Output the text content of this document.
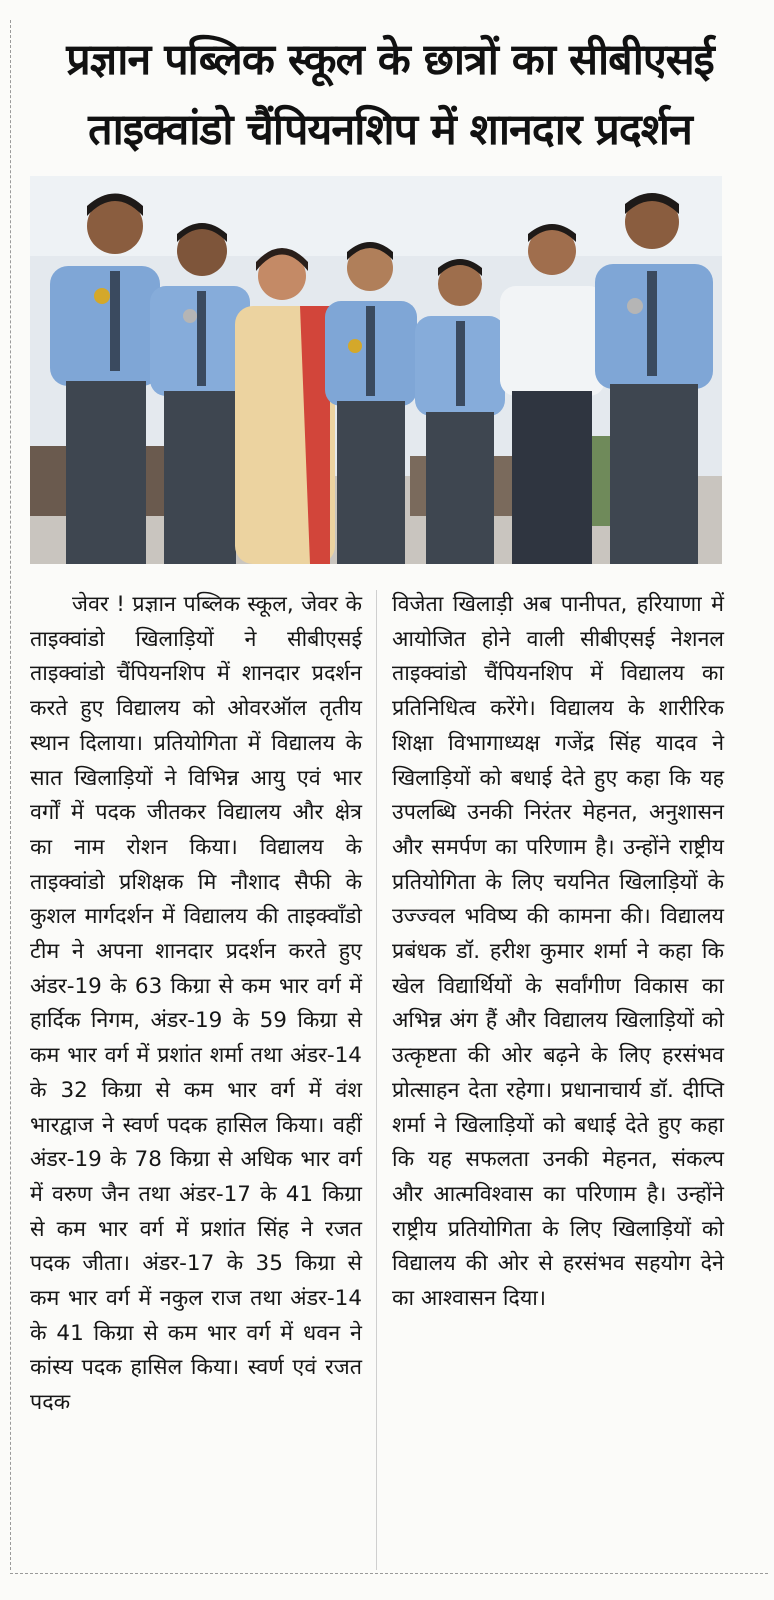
प्रज्ञान पब्लिक स्कूल के छात्रों का सीबीएसई
ताइक्वांडो चैंपियनशिप में शानदार प्रदर्शन

जेवर ! प्रज्ञान पब्लिक स्कूल, जेवर के ताइक्वांडो खिलाड़ियों ने सीबीएसई ताइक्वांडो चैंपियनशिप में शानदार प्रदर्शन करते हुए विद्यालय को ओवरऑल तृतीय स्थान दिलाया। प्रतियोगिता में विद्यालय के सात खिलाड़ियों ने विभिन्न आयु एवं भार वर्गों में पदक जीतकर विद्यालय और क्षेत्र का नाम रोशन किया। विद्यालय के ताइक्वांडो प्रशिक्षक मि नौशाद सैफी के कुशल मार्गदर्शन में विद्यालय की ताइक्वाँडो टीम ने अपना शानदार प्रदर्शन करते हुए अंडर-19 के 63 किग्रा से कम भार वर्ग में हार्दिक निगम, अंडर-19 के 59 किग्रा से कम भार वर्ग में प्रशांत शर्मा तथा अंडर-14 के 32 किग्रा से कम भार वर्ग में वंश भारद्वाज ने स्वर्ण पदक हासिल किया। वहीं अंडर-19 के 78 किग्रा से अधिक भार वर्ग में वरुण जैन तथा अंडर-17 के 41 किग्रा से कम भार वर्ग में प्रशांत सिंह ने रजत पदक जीता। अंडर-17 के 35 किग्रा से कम भार वर्ग में नकुल राज तथा अंडर-14 के 41 किग्रा से कम भार वर्ग में धवन ने कांस्य पदक हासिल किया। स्वर्ण एवं रजत पदक

विजेता खिलाड़ी अब पानीपत, हरियाणा में आयोजित होने वाली सीबीएसई नेशनल ताइक्वांडो चैंपियनशिप में विद्यालय का प्रतिनिधित्व करेंगे। विद्यालय के शारीरिक शिक्षा विभागाध्यक्ष गजेंद्र सिंह यादव ने खिलाड़ियों को बधाई देते हुए कहा कि यह उपलब्धि उनकी निरंतर मेहनत, अनुशासन और समर्पण का परिणाम है। उन्होंने राष्ट्रीय प्रतियोगिता के लिए चयनित खिलाड़ियों के उज्ज्वल भविष्य की कामना की। विद्यालय प्रबंधक डॉ. हरीश कुमार शर्मा ने कहा कि खेल विद्यार्थियों के सर्वांगीण विकास का अभिन्न अंग हैं और विद्यालय खिलाड़ियों को उत्कृष्टता की ओर बढ़ने के लिए हरसंभव प्रोत्साहन देता रहेगा। प्रधानाचार्य डॉ. दीप्ति शर्मा ने खिलाड़ियों को बधाई देते हुए कहा कि यह सफलता उनकी मेहनत, संकल्प और आत्मविश्वास का परिणाम है। उन्होंने राष्ट्रीय प्रतियोगिता के लिए खिलाड़ियों को विद्यालय की ओर से हरसंभव सहयोग देने का आश्वासन दिया।
